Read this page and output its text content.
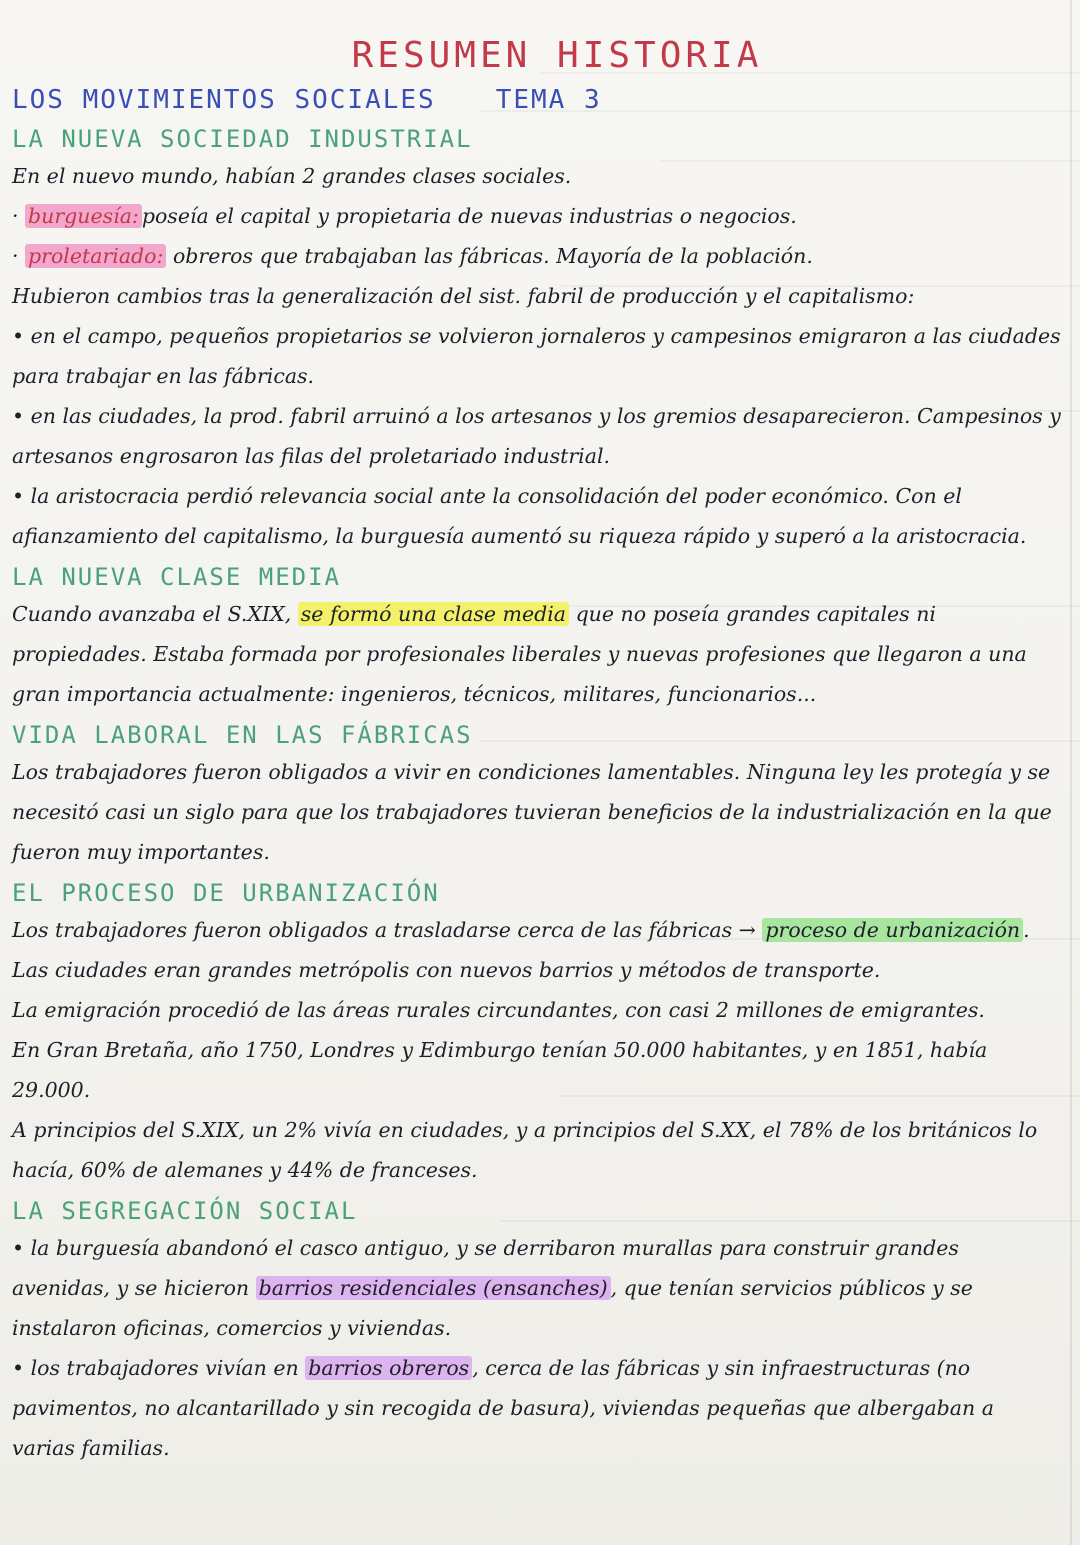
RESUMEN HISTORIA
LOS MOVIMIENTOS SOCIALES TEMA 3
LA NUEVA SOCIEDAD INDUSTRIAL

En el nuevo mundo, habían 2 grandes clases sociales.

· burguesía: poseía el capital y propietaria de nuevas industrias o negocios.

· proletariado: obreros que trabajaban las fábricas. Mayoría de la población.

Hubieron cambios tras la generalización del sist. fabril de producción y el capitalismo:

• en el campo, pequeños propietarios se volvieron jornaleros y campesinos emigraron a las ciudades para trabajar en las fábricas.

• en las ciudades, la prod. fabril arruinó a los artesanos y los gremios desaparecieron. Campesinos y artesanos engrosaron las filas del proletariado industrial.

• la aristocracia perdió relevancia social ante la consolidación del poder económico. Con el afianzamiento del capitalismo, la burguesía aumentó su riqueza rápido y superó a la aristocracia.

LA NUEVA CLASE MEDIA

Cuando avanzaba el S.XIX, se formó una clase media que no poseía grandes capitales ni propiedades. Estaba formada por profesionales liberales y nuevas profesiones que llegaron a una gran importancia actualmente: ingenieros, técnicos, militares, funcionarios...

VIDA LABORAL EN LAS FÁBRICAS

Los trabajadores fueron obligados a vivir en condiciones lamentables. Ninguna ley les protegía y se necesitó casi un siglo para que los trabajadores tuvieran beneficios de la industrialización en la que fueron muy importantes.

EL PROCESO DE URBANIZACIÓN

Los trabajadores fueron obligados a trasladarse cerca de las fábricas → proceso de urbanización .

Las ciudades eran grandes metrópolis con nuevos barrios y métodos de transporte.

La emigración procedió de las áreas rurales circundantes, con casi 2 millones de emigrantes.

En Gran Bretaña, año 1750, Londres y Edimburgo tenían 50.000 habitantes, y en 1851, había 29.000.

A principios del S.XIX, un 2% vivía en ciudades, y a principios del S.XX, el 78% de los británicos lo hacía, 60% de alemanes y 44% de franceses.

LA SEGREGACIÓN SOCIAL

• la burguesía abandonó el casco antiguo, y se derribaron murallas para construir grandes avenidas, y se hicieron barrios residenciales (ensanches) , que tenían servicios públicos y se instalaron oficinas, comercios y viviendas.

• los trabajadores vivían en barrios obreros , cerca de las fábricas y sin infraestructuras (no pavimentos, no alcantarillado y sin recogida de basura), viviendas pequeñas que albergaban a varias familias.
